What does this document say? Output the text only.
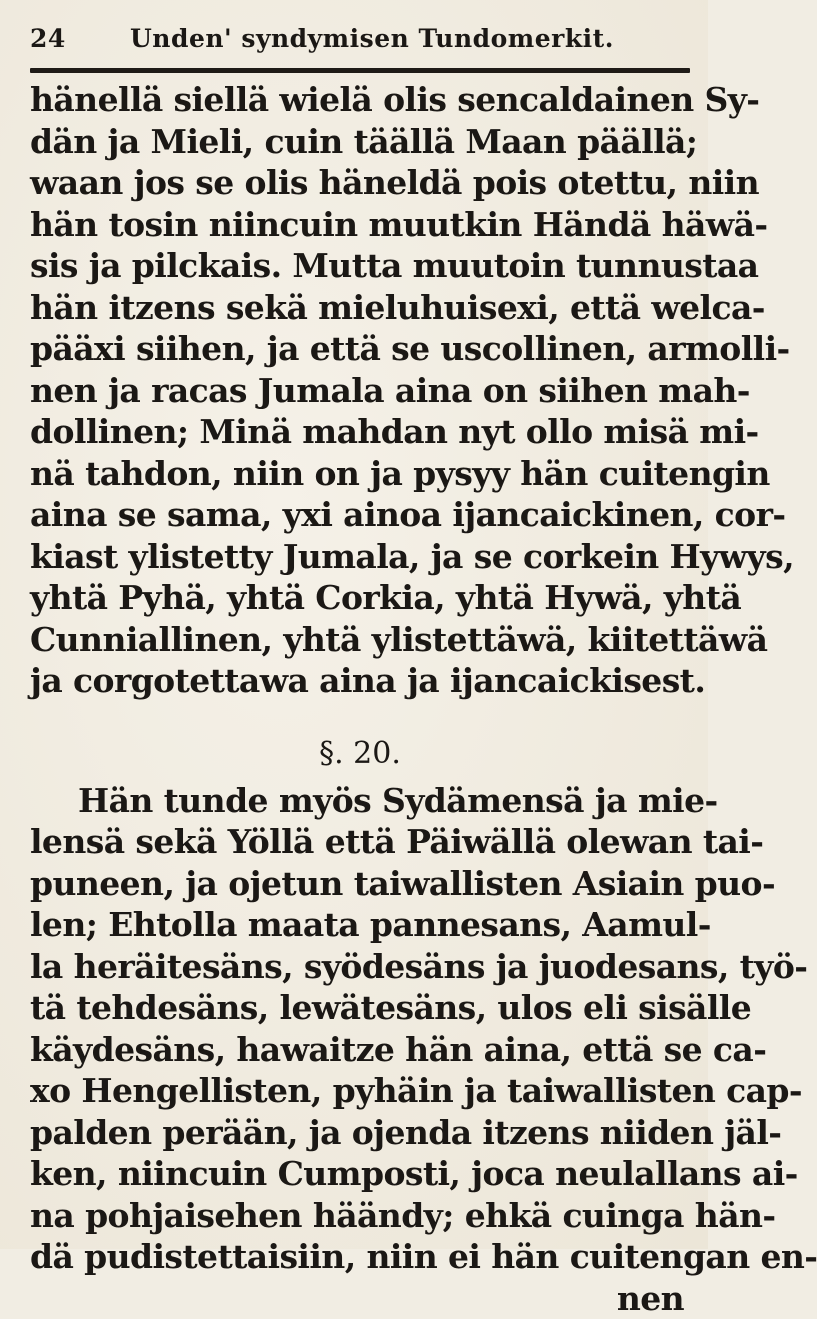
24	Unden' syndymisen Tundomerkit.
hänellä siellä wielä olis sencaldainen Sy-
dän ja Mieli, cuin täällä Maan päällä;
waan jos se olis häneldä pois otettu, niin
hän tosin niincuin muutkin Händä häwä-
sis ja pilckais. Mutta muutoin tunnustaa
hän itzens sekä mieluhuisexi, että welca-
pääxi siihen, ja että se uscollinen, armolli-
nen ja racas Jumala aina on siihen mah-
dollinen; Minä mahdan nyt ollo misä mi-
nä tahdon, niin on ja pysyy hän cuitengin
aina se sama, yxi ainoa ijancaickinen, cor-
kiast ylistetty Jumala, ja se corkein Hywys,
yhtä Pyhä, yhtä Corkia, yhtä Hywä, yhtä
Cunniallinen, yhtä ylistettäwä, kiitettäwä
ja corgotettawa aina ja ijancaickisest.
§. 20.
Hän tunde myös Sydämensä ja mie-
lensä sekä Yöllä että Päiwällä olewan tai-
puneen, ja ojetun taiwallisten Asiain puo-
len; Ehtolla maata pannesans, Aamul-
la heräitesäns, syödesäns ja juodesans, työ-
tä tehdesäns, lewätesäns, ulos eli sisälle
käydesäns, hawaitze hän aina, että se ca-
xo Hengellisten, pyhäin ja taiwallisten cap-
palden perään, ja ojenda itzens niiden jäl-
ken, niincuin Cumposti, joca neulallans ai-
na pohjaisehen häändy; ehkä cuinga hän-
dä pudistettaisiin, niin ei hän cuitengan en-
nen
